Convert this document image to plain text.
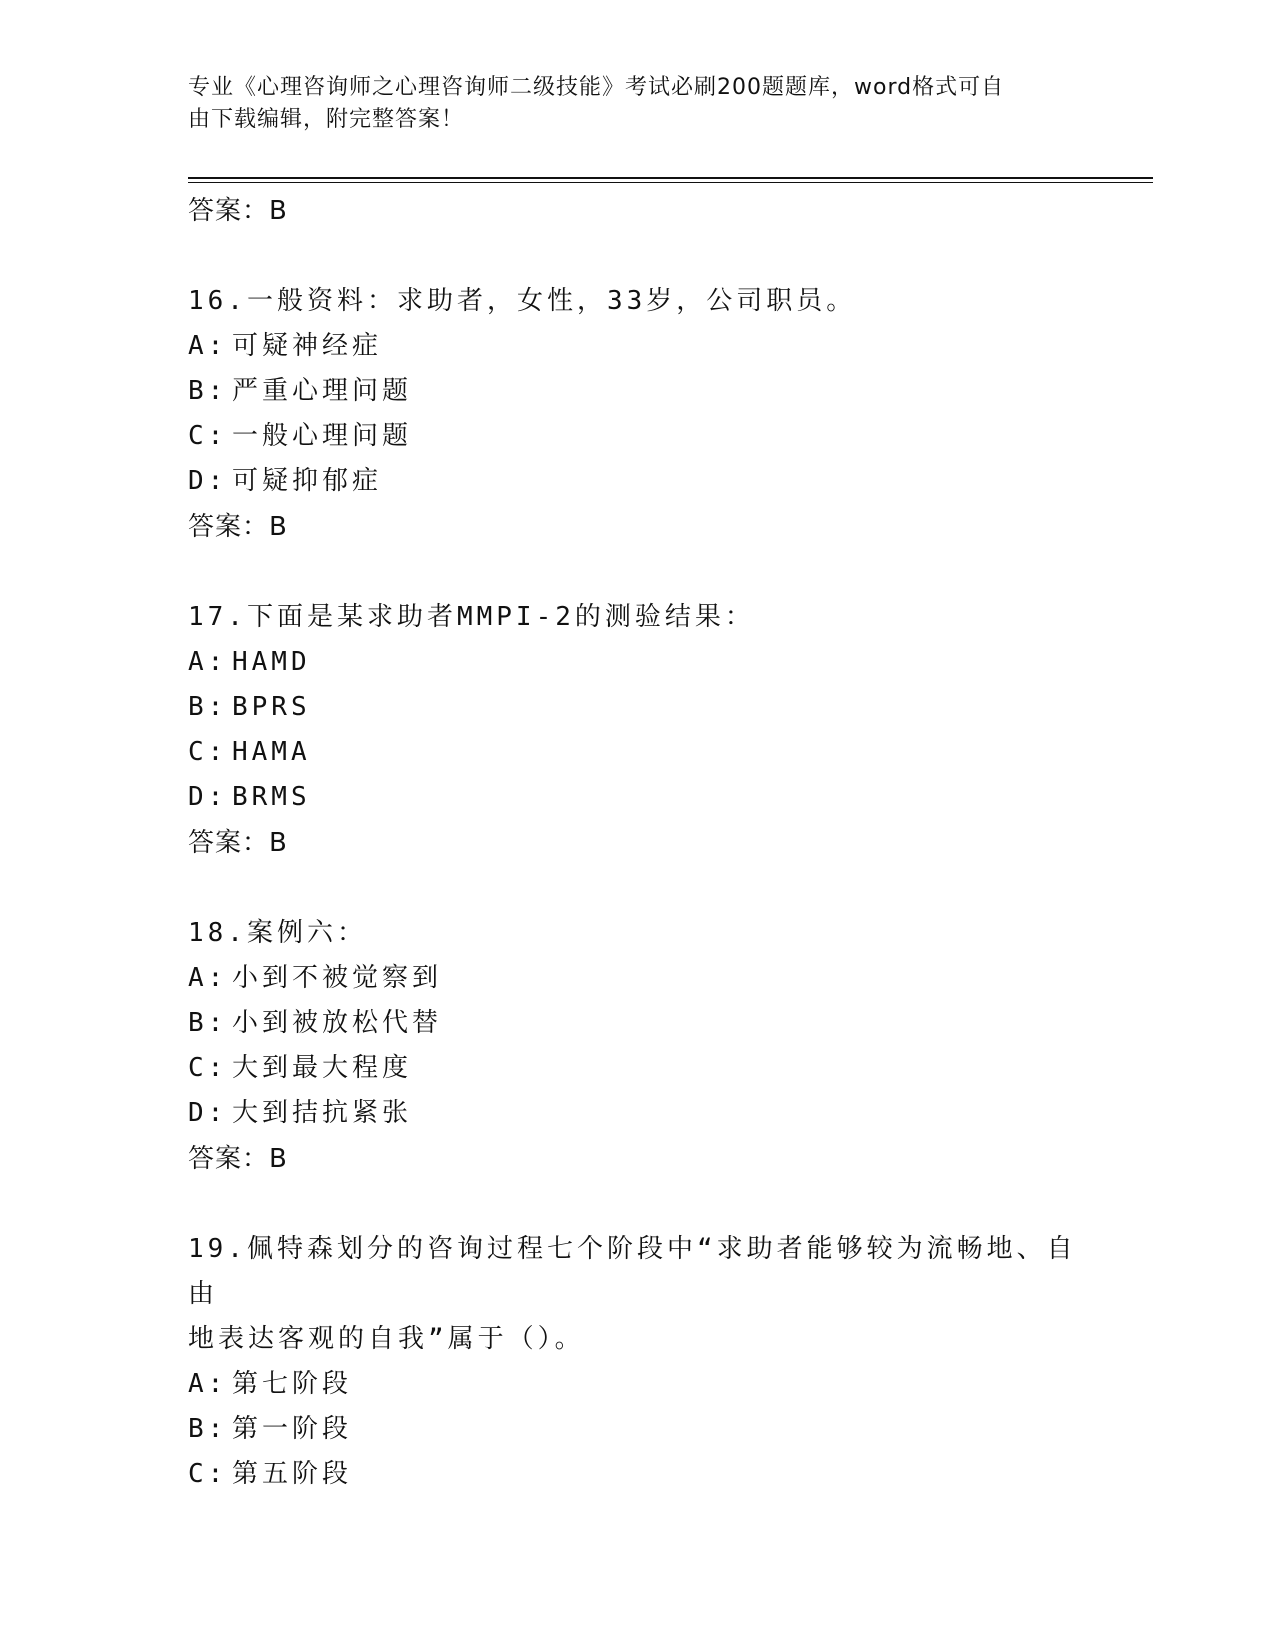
专业《心理咨询师之心理咨询师二级技能》考试必刷200题题库，word格式可自
由下载编辑，附完整答案！
答案：B
16.一般资料：求助者，女性，33岁，公司职员。
A: 可疑神经症
B: 严重心理问题
C: 一般心理问题
D: 可疑抑郁症
答案：B
17.下面是某求助者MMPI-2的测验结果：
A: HAMD
B: BPRS
C: HAMA
D: BRMS
答案：B
18.案例六：
A: 小到不被觉察到
B: 小到被放松代替
C: 大到最大程度
D: 大到拮抗紧张
答案：B
19.佩特森划分的咨询过程七个阶段中“求助者能够较为流畅地、自由
地表达客观的自我”属于（）。
A: 第七阶段
B: 第一阶段
C: 第五阶段
